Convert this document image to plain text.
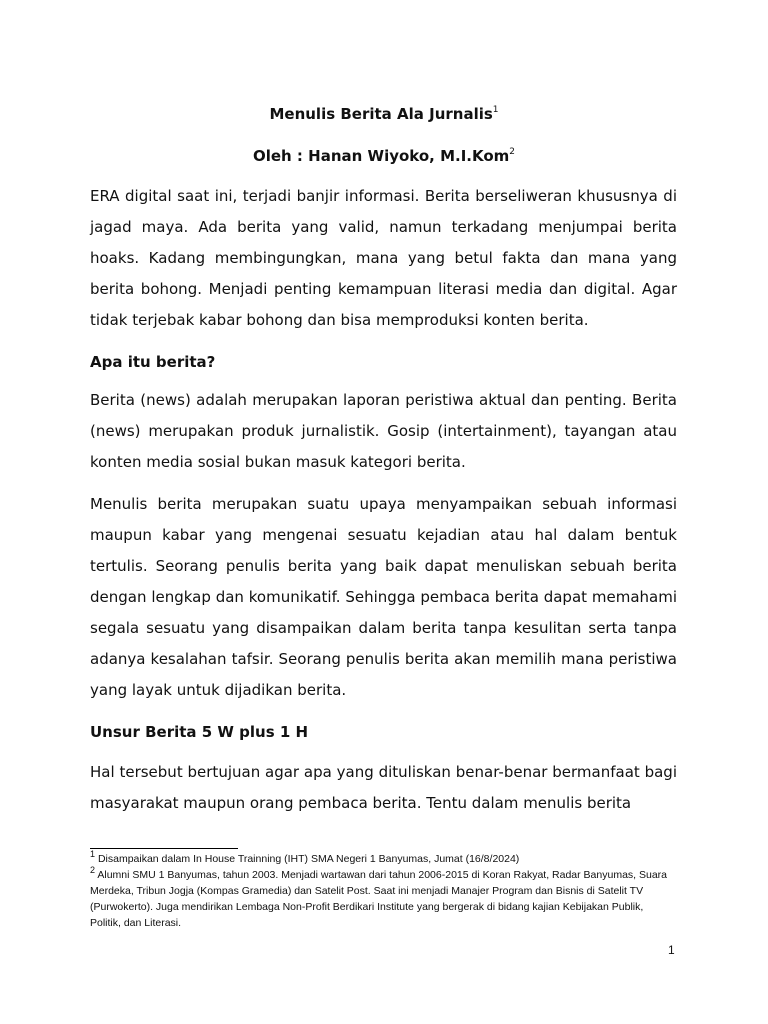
Menulis Berita Ala Jurnalis$^1$
Oleh : Hanan Wiyoko, M.I.Kom$^2$

ERA digital saat ini, terjadi banjir informasi. Berita berseliweran khususnya di jagad maya. Ada berita yang valid, namun terkadang menjumpai berita hoaks. Kadang membingungkan, mana yang betul fakta dan mana yang berita bohong. Menjadi penting kemampuan literasi media dan digital. Agar tidak terjebak kabar bohong dan bisa memproduksi konten berita.

Apa itu berita?

Berita (news) adalah merupakan laporan peristiwa aktual dan penting. Berita (news) merupakan produk jurnalistik. Gosip (intertainment), tayangan atau konten media sosial bukan masuk kategori berita.

Menulis berita merupakan suatu upaya menyampaikan sebuah informasi maupun kabar yang mengenai sesuatu kejadian atau hal dalam bentuk tertulis. Seorang penulis berita yang baik dapat menuliskan sebuah berita dengan lengkap dan komunikatif. Sehingga pembaca berita dapat memahami segala sesuatu yang disampaikan dalam berita tanpa kesulitan serta tanpa adanya kesalahan tafsir. Seorang penulis berita akan memilih mana peristiwa yang layak untuk dijadikan berita.

Unsur Berita 5 W plus 1 H

Hal tersebut bertujuan agar apa yang dituliskan benar-benar bermanfaat bagi masyarakat maupun orang pembaca berita. Tentu dalam menulis berita

$^1$ Disampaikan dalam In House Trainning (IHT) SMA Negeri 1 Banyumas, Jumat (16/8/2024)

$^2$ Alumni SMU 1 Banyumas, tahun 2003. Menjadi wartawan dari tahun 2006-2015 di Koran Rakyat, Radar Banyumas, Suara Merdeka, Tribun Jogja (Kompas Gramedia) dan Satelit Post. Saat ini menjadi Manajer Program dan Bisnis di Satelit TV (Purwokerto). Juga mendirikan Lembaga Non-Profit Berdikari Institute yang bergerak di bidang kajian Kebijakan Publik, Politik, dan Literasi.

1
